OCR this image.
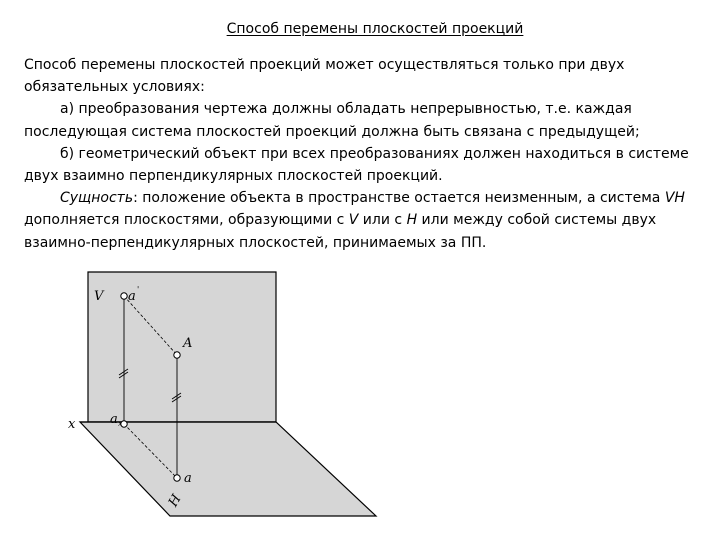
Способ перемены плоскостей проекций

Способ перемены плоскостей проекций может осуществляться только при двух обязательных условиях:

а) преобразования чертежа должны обладать непрерывностью, т.е. каждая последующая система плоскостей проекций должна быть связана с предыдущей;

б) геометрический объект при всех преобразованиях должен находиться в системе двух взаимно перпендикулярных плоскостей проекций.

Сущность: положение объекта в пространстве остается неизменным, а система VH дополняется плоскостями, образующими с V или с H или между собой системы двух взаимно-перпендикулярных плоскостей, принимаемых за ПП.

V a '
A
a x
x
a
H
